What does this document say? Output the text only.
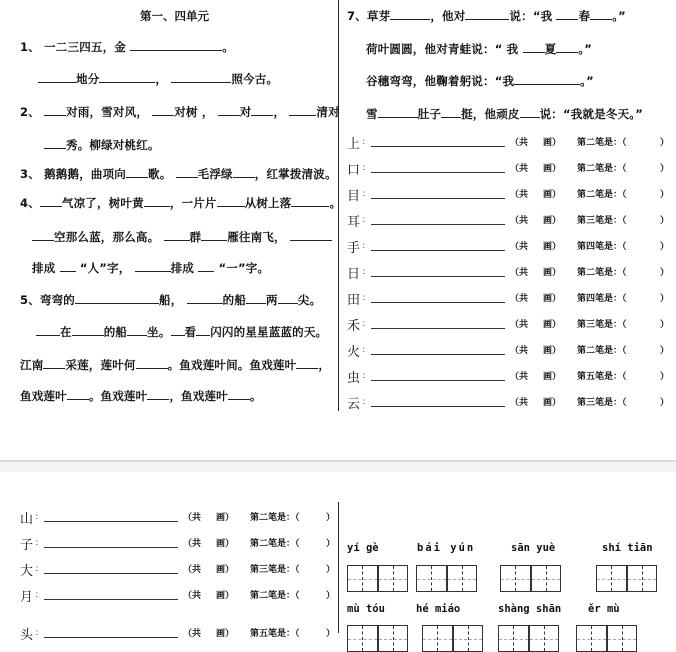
第一、四单元
1、 一二三四五，金	。
地分	，	照今古。
2、 对雨，雪对风， 对树 ， 对 ，	清对
秀。柳绿对桃红。
3、 鹅鹅鹅，曲项向 歌。 毛浮绿 ，红掌拨清波。
4、 气凉了，树叶黄 ，一片片 从树上落	。
空那么蓝，那么高。	群 雁往南飞，
排成 “人”字，	排成 “一”字。
5、弯弯的	船，	的船 两 尖。
在	的船 坐。 看 闪闪的星星蓝蓝的天。
江南 采莲，莲叶何	。鱼戏莲叶间。鱼戏莲叶 ，
鱼戏莲叶 。鱼戏莲叶 ，鱼戏莲叶 。
7、草芽	，他对	说：“我 春 。”
荷叶圆圆，他对青蛙说：“ 我 夏 。”
谷穗弯弯，他鞠着躬说：“我	。”
雪	肚子 挺，他顽皮 说：“我就是冬天。”
上 ：	（共 画） 第二笔是：（	）
口 ：	（共 画） 第二笔是：（	）
目 ：	（共 画） 第二笔是：（	）
耳 ：	（共 画） 第三笔是：（	）
手 ：	（共 画） 第四笔是：（	）
日 ：	（共 画） 第二笔是：（	）
田 ：	（共 画） 第四笔是：（	）
禾 ：	（共 画） 第三笔是：（	）
火 ：	（共 画） 第二笔是：（	）
虫 ：	（共 画） 第五笔是：（	）
云 ：	（共 画） 第三笔是：（	）
山 ：	（共 画） 第二笔是：（	）
子 ：	（共 画） 第二笔是：（	）
大 ：	（共 画） 第三笔是：（	）
月 ：	（共 画） 第二笔是：（	）
头 ：	（共 画） 第五笔是：（	）
yí gè	bái yún	sān yuè	shí tiān
mù tóu	hé miáo	shàng shān	ěr mù
